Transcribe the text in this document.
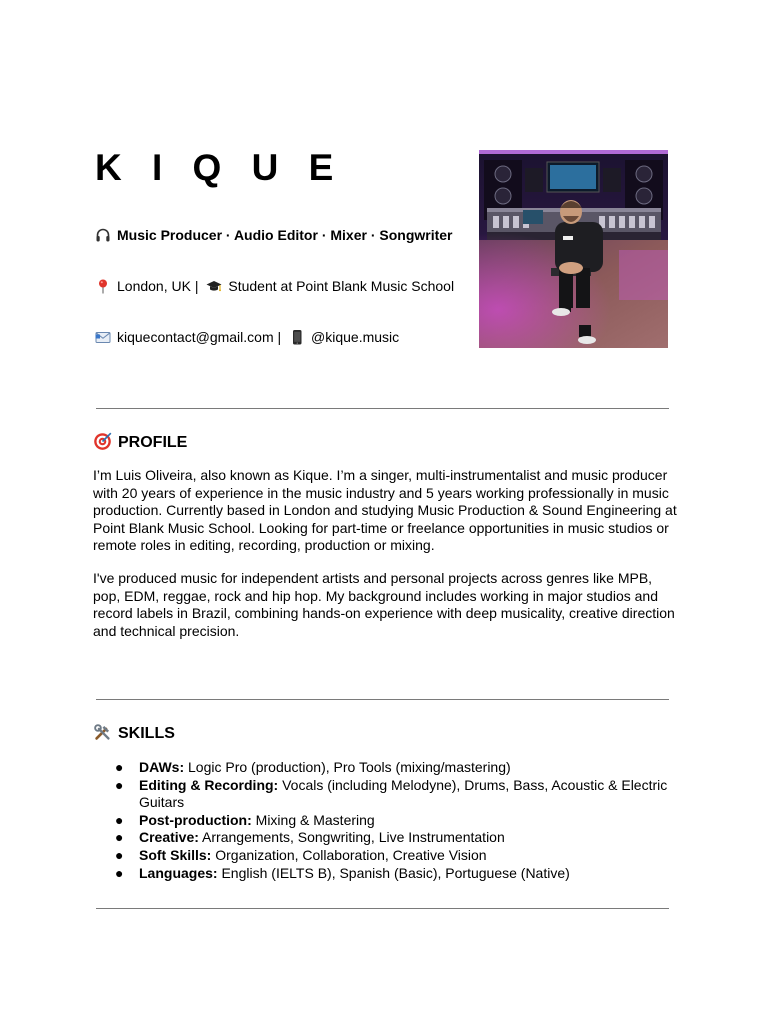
K I Q U E
Music Producer · Audio Editor · Mixer · Songwriter
London, UK | Student at Point Blank Music School
kiquecontact@gmail.com | @kique.music
PROFILE

I’m Luis Oliveira, also known as Kique. I’m a singer, multi-instrumentalist and music producer with 20 years of experience in the music industry and 5 years working professionally in music production. Currently based in London and studying Music Production & Sound Engineering at Point Blank Music School. Looking for part-time or freelance opportunities in music studios or remote roles in editing, recording, production or mixing.

I've produced music for independent artists and personal projects across genres like MPB, pop, EDM, reggae, rock and hip hop. My background includes working in major studios and record labels in Brazil, combining hands-on experience with deep musicality, creative direction and technical precision.

SKILLS
● DAWs: Logic Pro (production), Pro Tools (mixing/mastering)
● Editing & Recording: Vocals (including Melodyne), Drums, Bass, Acoustic & Electric Guitars
● Post-production: Mixing & Mastering
● Creative: Arrangements, Songwriting, Live Instrumentation
● Soft Skills: Organization, Collaboration, Creative Vision
● Languages: English (IELTS B), Spanish (Basic), Portuguese (Native)
